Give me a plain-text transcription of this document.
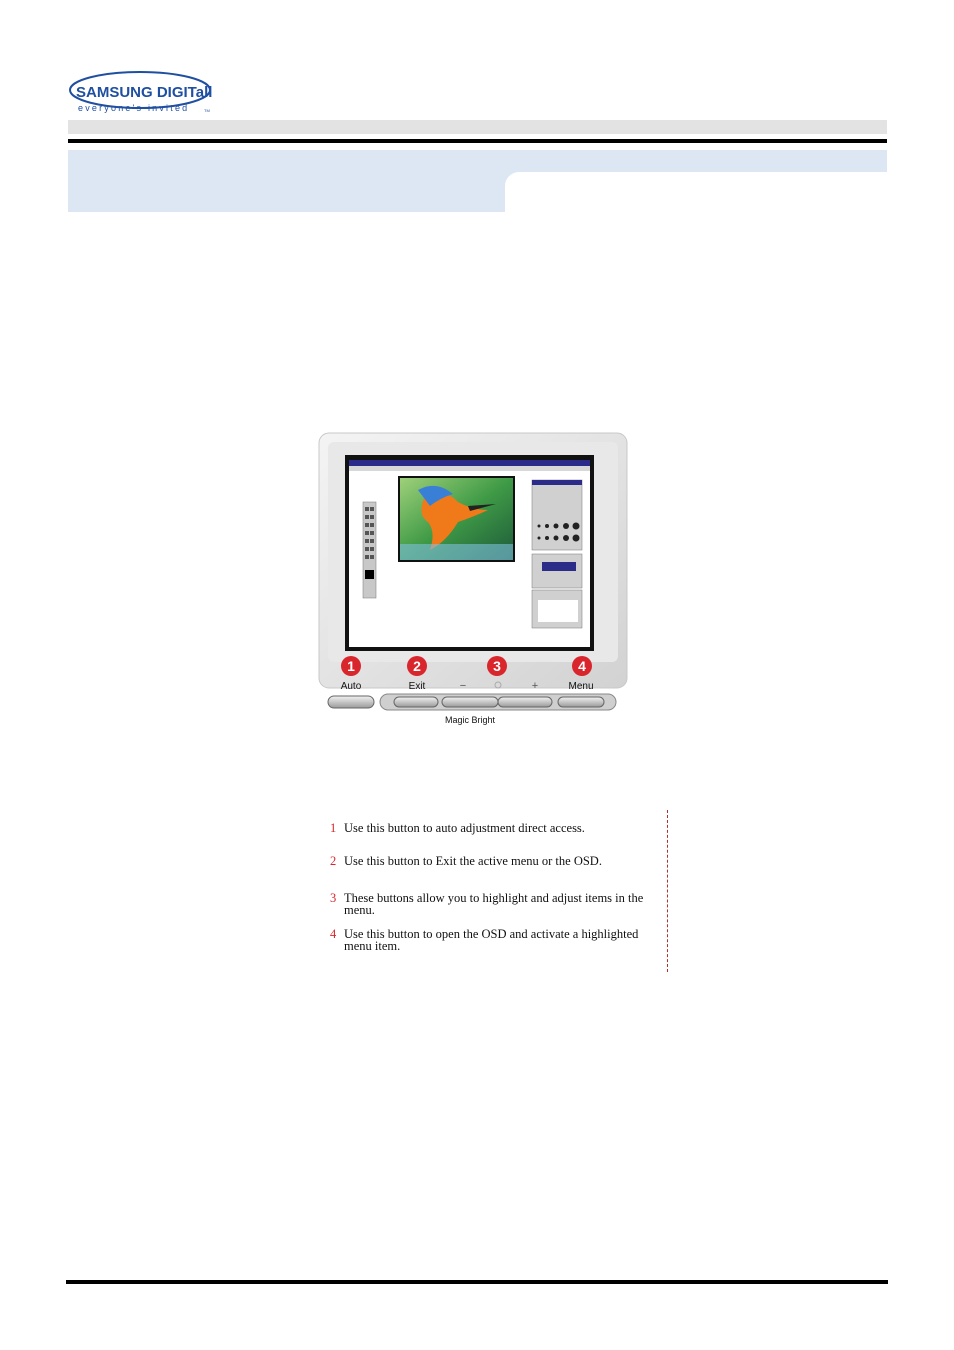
SAMSUNG DIGITall
everyone's invited	TM
1	2	3	4
Auto	Exit	−	+	Menu
Magic Bright
1 Use this button to auto adjustment direct access.
2 Use this button to Exit the active menu or the OSD.
3 These buttons allow you to highlight and adjust items in the menu.
4 Use this button to open the OSD and activate a highlighted menu item.
